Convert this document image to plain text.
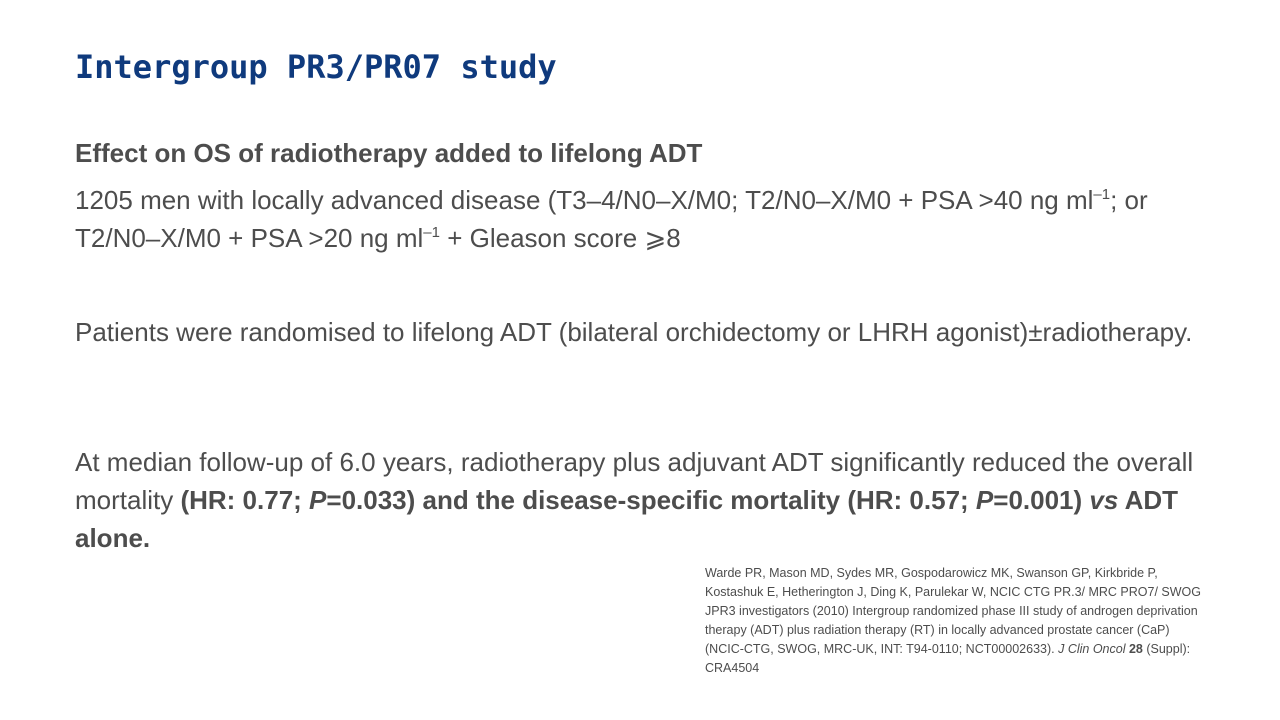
Intergroup PR3/PR07 study
Effect on OS of radiotherapy added to lifelong ADT

1205 men with locally advanced disease (T3–4/N0–X/M0; T2/N0–X/M0 + PSA >40 ng $ml^{-1}$; or T2/N0–X/M0 + PSA >20 ng $ml^{-1}$ + Gleason score ⩾8

Patients were randomised to lifelong ADT (bilateral orchidectomy or LHRH agonist)±radiotherapy.

At median follow-up of 6.0 years, radiotherapy plus adjuvant ADT significantly reduced the overall mortality (HR: 0.77; P=0.033) and the disease-specific mortality (HR: 0.57; P=0.001) vs ADT alone.

Warde PR, Mason MD, Sydes MR, Gospodarowicz MK, Swanson GP, Kirkbride P, Kostashuk E, Hetherington J, Ding K, Parulekar W, NCIC CTG PR.3/ MRC PRO7/ SWOG JPR3 investigators (2010) Intergroup randomized phase III study of androgen deprivation therapy (ADT) plus radiation therapy (RT) in locally advanced prostate cancer (CaP) (NCIC-CTG, SWOG, MRC-UK, INT: T94-0110; NCT00002633). J Clin Oncol 28 (Suppl): CRA4504
